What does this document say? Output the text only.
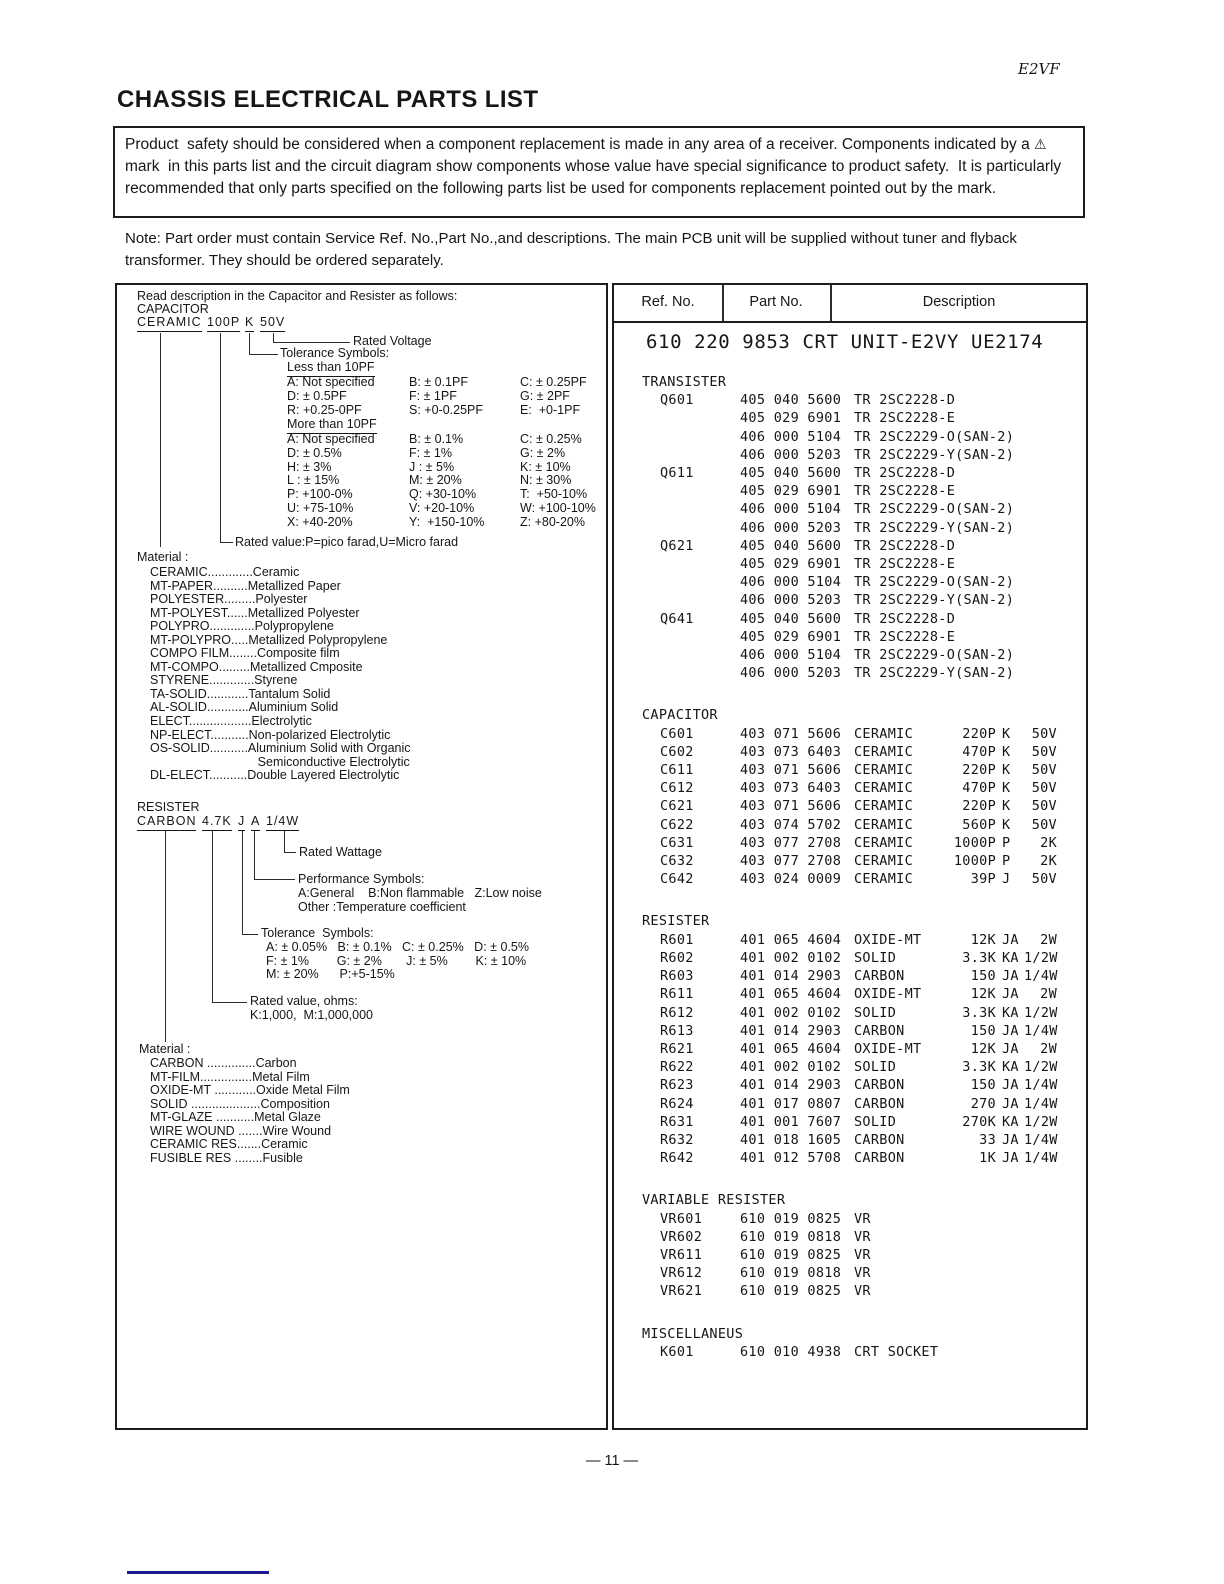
E2VF
CHASSIS ELECTRICAL PARTS LIST
Product  safety should be considered when a component replacement is made in any area of a receiver. Components indicated by a ⚠ mark  in this parts list and the circuit diagram show components whose value have special significance to product safety.  It is particularly recommended that only parts specified on the following parts list be used for components replacement pointed out by the mark.
Note: Part order must contain Service Ref. No.,Part No.,and descriptions. The main PCB unit will be supplied without tuner and flyback transformer. They should be ordered separately.
Read description in the Capacitor and Resister as follows:
CAPACITOR
CERAMIC 100P K 50V
Rated Voltage
Tolerance Symbols:
Less than 10PF
A: Not specified	B: ± 0.1PF	C: ± 0.25PF
D: ± 0.5PF	F: ± 1PF	G: ± 2PF
R: +0.25-0PF	S: +0-0.25PF	E:  +0-1PF
More than 10PF
A: Not specified	B: ± 0.1%	C: ± 0.25%
D: ± 0.5%	F: ± 1%	G: ± 2%
H: ± 3%	J : ± 5%	K: ± 10%
L : ± 15%	M: ± 20%	N: ± 30%
P: +100-0%	Q: +30-10%	T:  +50-10%
U: +75-10%	V: +20-10%	W: +100-10%
X: +40-20%	Y:  +150-10%	Z: +80-20%
Rated value:P=pico farad,U=Micro farad
Material :
CERAMIC.............Ceramic
MT-PAPER..........Metallized Paper
POLYESTER.........Polyester
MT-POLYEST......Metallized Polyester
POLYPRO.............Polypropylene
MT-POLYPRO.....Metallized Polypropylene
COMPO FILM........Composite film
MT-COMPO.........Metallized Cmposite
STYRENE.............Styrene
TA-SOLID............Tantalum Solid
AL-SOLID............Aluminium Solid
ELECT..................Electrolytic
NP-ELECT...........Non-polarized Electrolytic
OS-SOLID...........Aluminium Solid with Organic
Semiconductive Electrolytic
DL-ELECT...........Double Layered Electrolytic
RESISTER
CARBON 4.7K J A 1/4W
Rated Wattage
Performance Symbols:
A:General    B:Non flammable   Z:Low noise
Other :Temperature coefficient
Tolerance  Symbols:
A: ± 0.05%   B: ± 0.1%   C: ± 0.25%   D: ± 0.5%
F: ± 1%        G: ± 2%       J: ± 5%        K: ± 10%
M: ± 20%      P:+5-15%
Rated value, ohms:
K:1,000,  M:1,000,000
Material :
CARBON ..............Carbon
MT-FILM...............Metal Film
OXIDE-MT ............Oxide Metal Film
SOLID ....................Composition
MT-GLAZE ...........Metal Glaze
WIRE WOUND .......Wire Wound
CERAMIC RES.......Ceramic
FUSIBLE RES ........Fusible
Ref. No.	Part No.	Description
610 220 9853 CRT UNIT-E2VY UE2174
TRANSISTER
Q601	405 040 5600 TR 2SC2228-D
405 029 6901 TR 2SC2228-E
406 000 5104 TR 2SC2229-O(SAN-2)
406 000 5203 TR 2SC2229-Y(SAN-2)
Q611	405 040 5600 TR 2SC2228-D
405 029 6901 TR 2SC2228-E
406 000 5104 TR 2SC2229-O(SAN-2)
406 000 5203 TR 2SC2229-Y(SAN-2)
Q621	405 040 5600 TR 2SC2228-D
405 029 6901 TR 2SC2228-E
406 000 5104 TR 2SC2229-O(SAN-2)
406 000 5203 TR 2SC2229-Y(SAN-2)
Q641	405 040 5600 TR 2SC2228-D
405 029 6901 TR 2SC2228-E
406 000 5104 TR 2SC2229-O(SAN-2)
406 000 5203 TR 2SC2229-Y(SAN-2)
CAPACITOR
C601	403 071 5606 CERAMIC	220P K	50V
C602	403 073 6403 CERAMIC	470P K	50V
C611	403 071 5606 CERAMIC	220P K	50V
C612	403 073 6403 CERAMIC	470P K	50V
C621	403 071 5606 CERAMIC	220P K	50V
C622	403 074 5702 CERAMIC	560P K	50V
C631	403 077 2708 CERAMIC	1000P P	2K
C632	403 077 2708 CERAMIC	1000P P	2K
C642	403 024 0009 CERAMIC	39P J	50V
RESISTER
R601	401 065 4604 OXIDE-MT	12K JA	2W
R602	401 002 0102 SOLID	3.3K KA 1/2W
R603	401 014 2903 CARBON	150 JA 1/4W
R611	401 065 4604 OXIDE-MT	12K JA	2W
R612	401 002 0102 SOLID	3.3K KA 1/2W
R613	401 014 2903 CARBON	150 JA 1/4W
R621	401 065 4604 OXIDE-MT	12K JA	2W
R622	401 002 0102 SOLID	3.3K KA 1/2W
R623	401 014 2903 CARBON	150 JA 1/4W
R624	401 017 0807 CARBON	270 JA 1/4W
R631	401 001 7607 SOLID	270K KA 1/2W
R632	401 018 1605 CARBON	33 JA 1/4W
R642	401 012 5708 CARBON	1K JA 1/4W
VARIABLE RESISTER
VR601	610 019 0825 VR
VR602	610 019 0818 VR
VR611	610 019 0825 VR
VR612	610 019 0818 VR
VR621	610 019 0825 VR
MISCELLANEUS
K601	610 010 4938 CRT SOCKET
— 11 —
